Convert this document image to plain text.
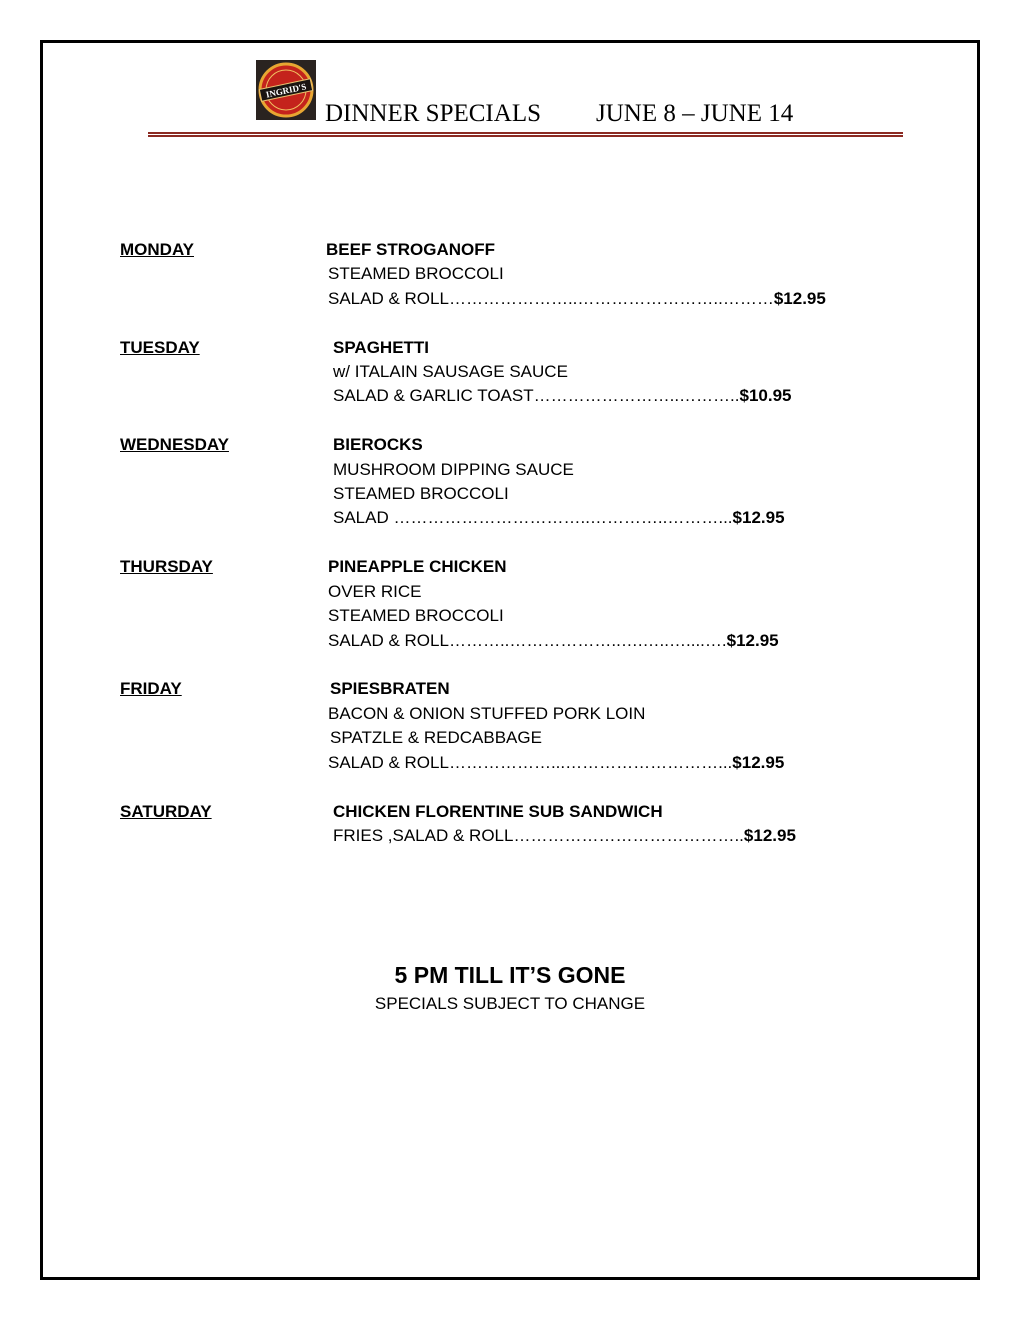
INGRID'S
DINNER SPECIALS JUNE 8 – JUNE 14
MONDAY	BEEF STROGANOFF
STEAMED BROCCOLI
SALAD & ROLL…………………..……………………..………$12.95
TUESDAY	SPAGHETTI
w/ ITALAIN SAUSAGE SAUCE
SALAD & GARLIC TOAST……………………..………..$10.95
WEDNESDAY	BIEROCKS
MUSHROOM DIPPING SAUCE
STEAMED BROCCOLI
SALAD ……………………………..…………..………...$12.95
THURSDAY	PINEAPPLE CHICKEN
OVER RICE
STEAMED BROCCOLI
SALAD & ROLL………..………………..….…..…....….$12.95
FRIDAY	SPIESBRATEN
BACON & ONION STUFFED PORK LOIN
SPATZLE & REDCABBAGE
SALAD & ROLL………………...………………………...$12.95
SATURDAY	CHICKEN FLORENTINE SUB SANDWICH
FRIES ,SALAD & ROLL…………………………………..$12.95
5 PM TILL IT’S GONE
SPECIALS SUBJECT TO CHANGE
